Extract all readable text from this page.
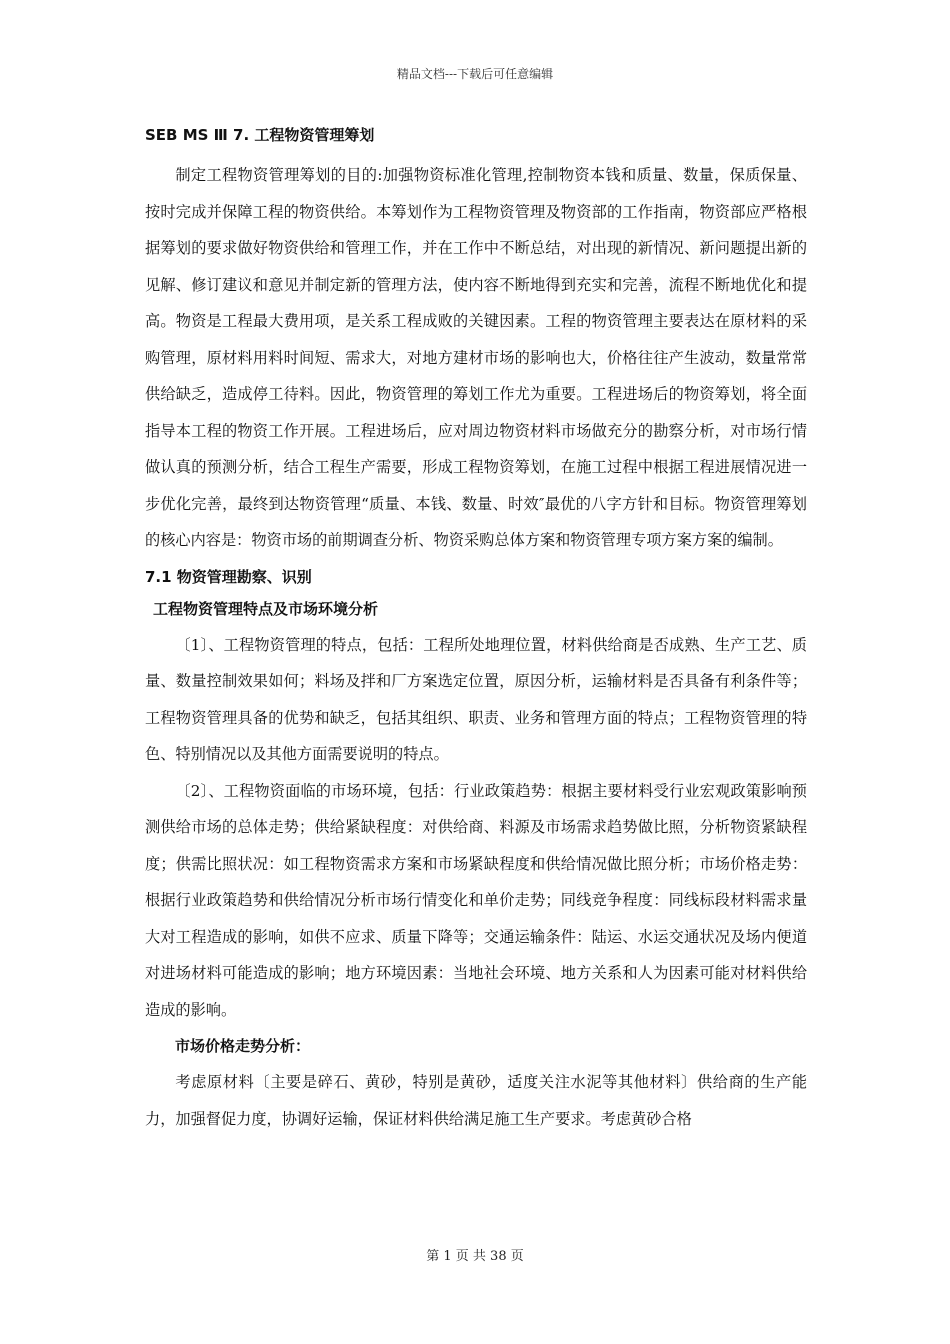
精品文档---下载后可任意编辑
SEB MS Ⅲ 7. 工程物资管理筹划

制定工程物资管理筹划的目的:加强物资标准化管理,控制物资本钱和质量、数量，保质保量、按时完成并保障工程的物资供给。本筹划作为工程物资管理及物资部的工作指南，物资部应严格根据筹划的要求做好物资供给和管理工作，并在工作中不断总结，对出现的新情况、新问题提出新的见解、修订建议和意见并制定新的管理方法，使内容不断地得到充实和完善，流程不断地优化和提高。物资是工程最大费用项，是关系工程成败的关键因素。工程的物资管理主要表达在原材料的采购管理，原材料用料时间短、需求大，对地方建材市场的影响也大，价格往往产生波动，数量常常供给缺乏，造成停工待料。因此，物资管理的筹划工作尤为重要。工程进场后的物资筹划，将全面指导本工程的物资工作开展。工程进场后，应对周边物资材料市场做充分的勘察分析，对市场行情做认真的预测分析，结合工程生产需要，形成工程物资筹划，在施工过程中根据工程进展情况进一步优化完善，最终到达物资管理“质量、本钱、数量、时效″最优的八字方针和目标。物资管理筹划的核心内容是：物资市场的前期调查分析、物资采购总体方案和物资管理专项方案方案的编制。

7.1 物资管理勘察、识别
工程物资管理特点及市场环境分析

〔1〕、工程物资管理的特点，包括：工程所处地理位置，材料供给商是否成熟、生产工艺、质量、数量控制效果如何；料场及拌和厂方案选定位置，原因分析，运输材料是否具备有利条件等；工程物资管理具备的优势和缺乏，包括其组织、职责、业务和管理方面的特点；工程物资管理的特色、特别情况以及其他方面需要说明的特点。

〔2〕、工程物资面临的市场环境，包括：行业政策趋势：根据主要材料受行业宏观政策影响预测供给市场的总体走势；供给紧缺程度：对供给商、料源及市场需求趋势做比照，分析物资紧缺程度；供需比照状况：如工程物资需求方案和市场紧缺程度和供给情况做比照分析；市场价格走势：根据行业政策趋势和供给情况分析市场行情变化和单价走势；同线竞争程度：同线标段材料需求量大对工程造成的影响，如供不应求、质量下降等；交通运输条件：陆运、水运交通状况及场内便道对进场材料可能造成的影响；地方环境因素：当地社会环境、地方关系和人为因素可能对材料供给造成的影响。

市场价格走势分析：

考虑原材料〔主要是碎石、黄砂，特别是黄砂，适度关注水泥等其他材料〕供给商的生产能力，加强督促力度，协调好运输，保证材料供给满足施工生产要求。考虑黄砂合格

第 1 页 共 38 页
